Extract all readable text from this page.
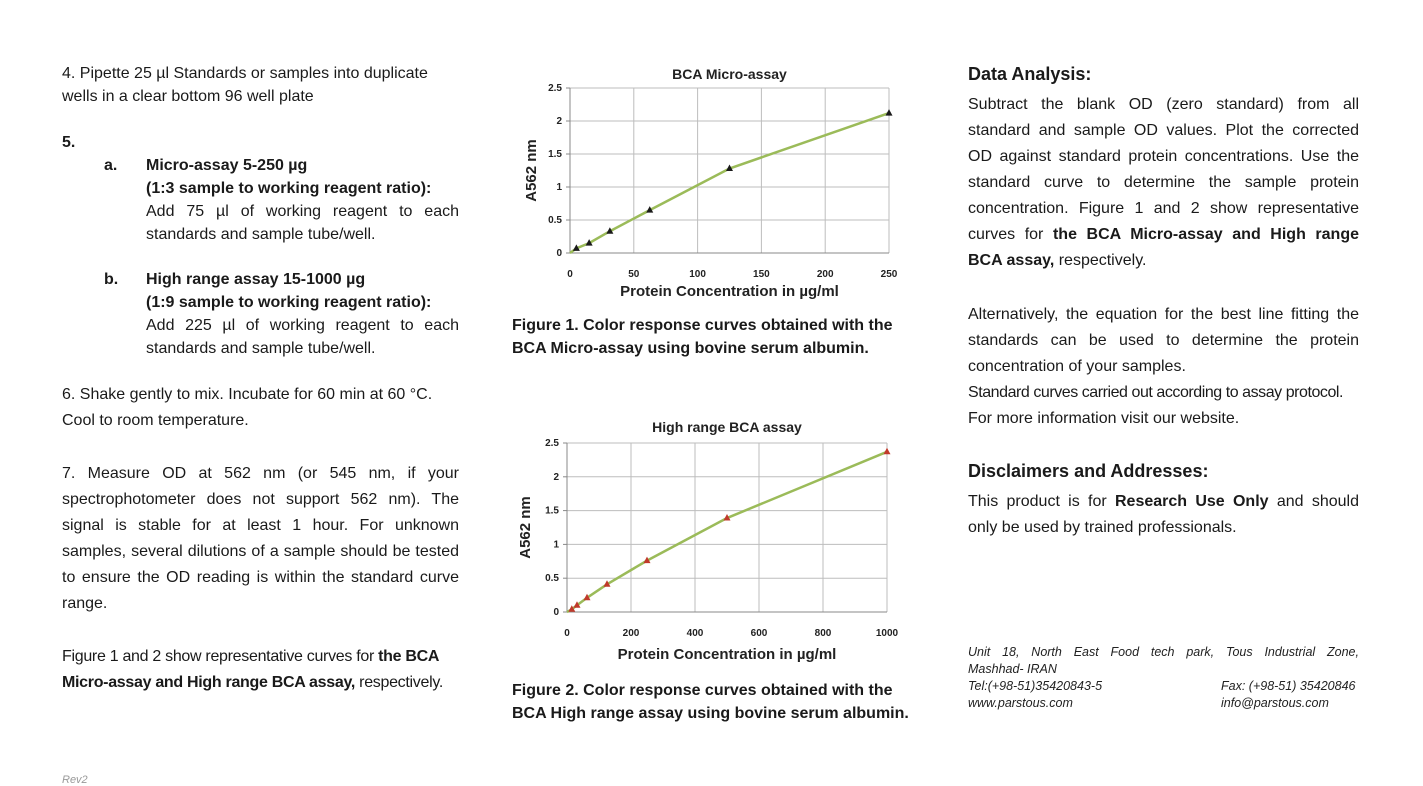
4. Pipette 25 µl Standards or samples into duplicate wells in a clear bottom 96 well plate

5.

a. Micro-assay 5-250 µg

(1:3 sample to working reagent ratio):

Add 75 µl of working reagent to each standards and sample tube/well.

b. High range assay 15-1000 µg

(1:9 sample to working reagent ratio):

Add 225 µl of working reagent to each standards and sample tube/well.

6. Shake gently to mix. Incubate for 60 min at 60 °C. Cool to room temperature.

7. Measure OD at 562 nm (or 545 nm, if your spectrophotometer does not support 562 nm). The signal is stable for at least 1 hour. For unknown samples, several dilutions of a sample should be tested to ensure the OD reading is within the standard curve range.

Figure 1 and 2 show representative curves for the BCA Micro-assay and High range BCA assay, respectively.

Rev2
BCA Micro-assay
0
0.5
1
1.5
2
2.5
0	50	100	150	200	250
Protein Concentration in µg/ml
A562 nm

Figure 1. Color response curves obtained with the BCA Micro-assay using bovine serum albumin.

High range BCA assay
0
0.5
1
1.5
2
2.5
0	200	400	600	800	1000
Protein Concentration in µg/ml
A562 nm

Figure 2. Color response curves obtained with the BCA High range assay using bovine serum albumin.

Data Analysis:

Subtract the blank OD (zero standard) from all standard and sample OD values. Plot the corrected OD against standard protein concentrations. Use the standard curve to determine the sample protein concentration. Figure 1 and 2 show representative curves for the BCA Micro-assay and High range BCA assay, respectively.

Alternatively, the equation for the best line fitting the standards can be used to determine the protein concentration of your samples.

Standard curves carried out according to assay protocol.

For more information visit our website.

Disclaimers and Addresses:

This product is for Research Use Only and should only be used by trained professionals.

Unit 18, North East Food tech park, Tous Industrial Zone,

Mashhad- IRAN

Tel:(+98-51)35420843-5	Fax: (+98-51) 35420846
www.parstous.com	info@parstous.com
